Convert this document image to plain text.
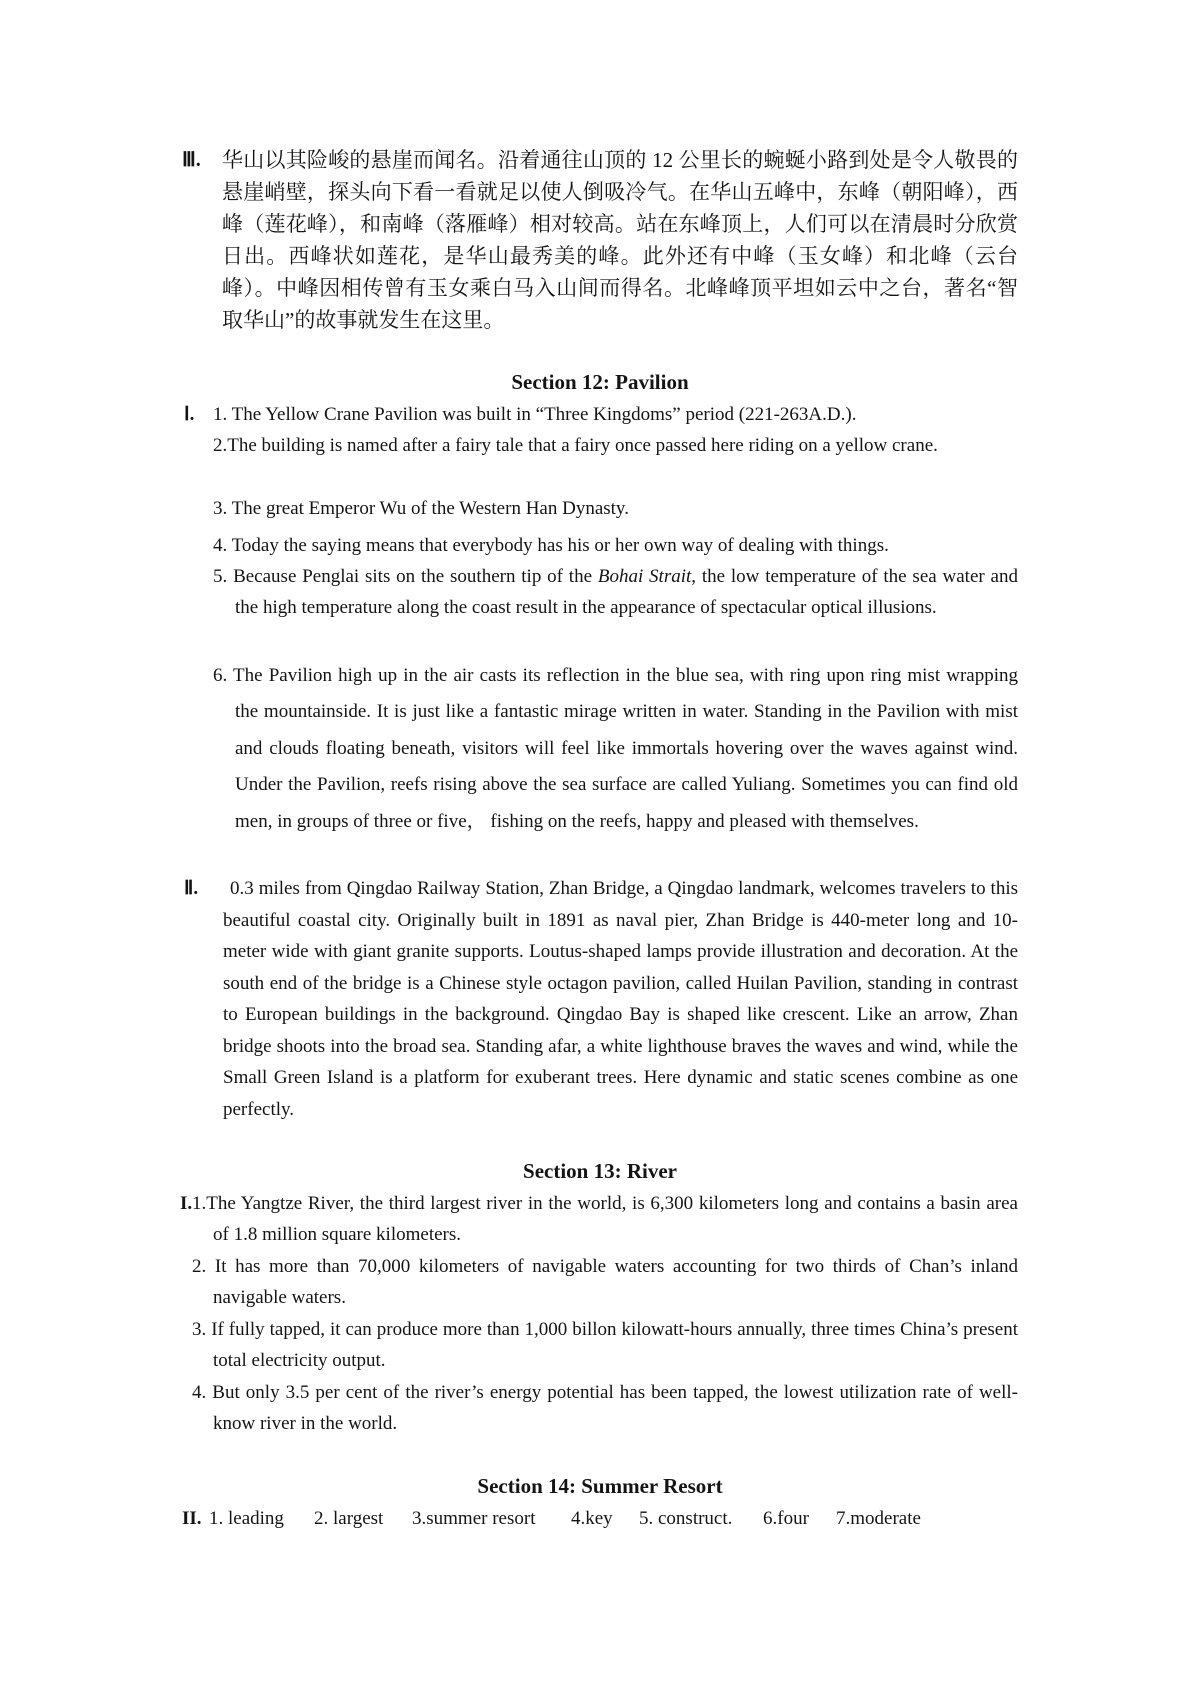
Ⅲ. 华山以其险峻的悬崖而闻名。沿着通往山顶的 12 公里长的蜿蜒小路到处是令人敬畏的悬崖峭壁，探头向下看一看就足以使人倒吸冷气。在华山五峰中，东峰（朝阳峰），西峰（莲花峰），和南峰（落雁峰）相对较高。站在东峰顶上，人们可以在清晨时分欣赏日出。西峰状如莲花，是华山最秀美的峰。此外还有中峰（玉女峰）和北峰（云台峰）。中峰因相传曾有玉女乘白马入山间而得名。北峰峰顶平坦如云中之台，著名“智取华山”的故事就发生在这里。

Section 12: Pavilion
Ⅰ. 1. The Yellow Crane Pavilion was built in “Three Kingdoms” period (221-263A.D.).

2.The building is named after a fairy tale that a fairy once passed here riding on a yellow crane.

3. The great Emperor Wu of the Western Han Dynasty.

4. Today the saying means that everybody has his or her own way of dealing with things.

5. Because Penglai sits on the southern tip of the Bohai Strait, the low temperature of the sea water and the high temperature along the coast result in the appearance of spectacular optical illusions.

6. The Pavilion high up in the air casts its reflection in the blue sea, with ring upon ring mist wrapping the mountainside. It is just like a fantastic mirage written in water. Standing in the Pavilion with mist and clouds floating beneath, visitors will feel like immortals hovering over the waves against wind. Under the Pavilion, reefs rising above the sea surface are called Yuliang. Sometimes you can find old men, in groups of three or five， fishing on the reefs, happy and pleased with themselves.

Ⅱ.	0.3 miles from Qingdao Railway Station, Zhan Bridge, a Qingdao landmark, welcomes travelers to this beautiful coastal city. Originally built in 1891 as naval pier, Zhan Bridge is 440-meter long and 10-meter wide with giant granite supports. Loutus-shaped lamps provide illustration and decoration. At the south end of the bridge is a Chinese style octagon pavilion, called Huilan Pavilion, standing in contrast to European buildings in the background. Qingdao Bay is shaped like crescent. Like an arrow, Zhan bridge shoots into the broad sea. Standing afar, a white lighthouse braves the waves and wind, while the Small Green Island is a platform for exuberant trees. Here dynamic and static scenes combine as one perfectly.

Section 13: River
I. 1.The Yangtze River, the third largest river in the world, is 6,300 kilometers long and contains a basin area of 1.8 million square kilometers.

2. It has more than 70,000 kilometers of navigable waters accounting for two thirds of Chan’s inland navigable waters.

3. If fully tapped, it can produce more than 1,000 billon kilowatt-hours annually, three times China’s present total electricity output.

4. But only 3.5 per cent of the river’s energy potential has been tapped, the lowest utilization rate of well-know river in the world.

Section 14: Summer Resort
II. 1. leading 2. largest 3.summer resort 4.key 5. construct. 6.four 7.moderate
